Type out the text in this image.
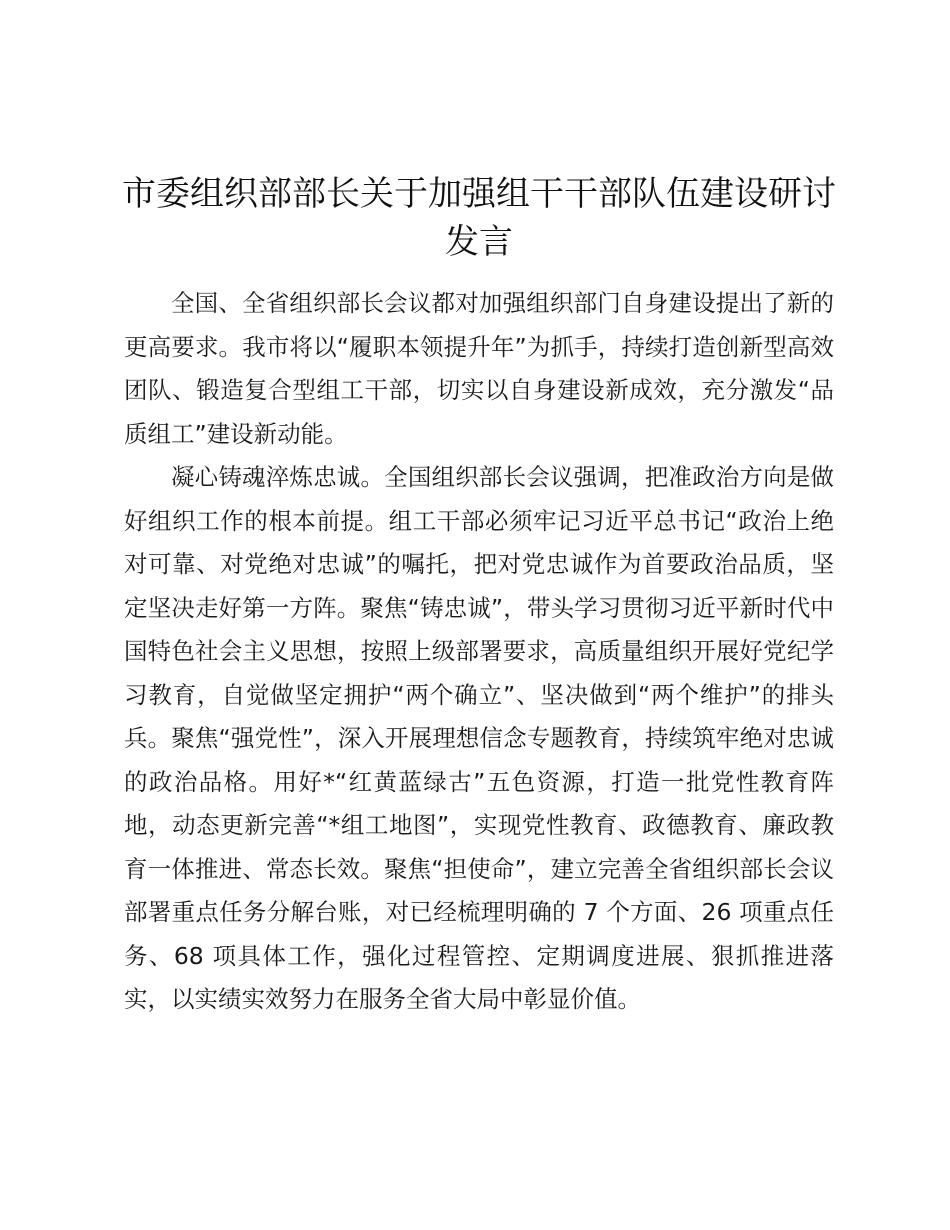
市委组织部部长关于加强组干干部队伍建设研讨发言

全国、全省组织部长会议都对加强组织部门自身建设提出了新的更高要求。我市将以“履职本领提升年”为抓手，持续打造创新型高效团队、锻造复合型组工干部，切实以自身建设新成效，充分激发“品质组工”建设新动能。

凝心铸魂淬炼忠诚。全国组织部长会议强调，把准政治方向是做好组织工作的根本前提。组工干部必须牢记习近平总书记“政治上绝对可靠、对党绝对忠诚”的嘱托，把对党忠诚作为首要政治品质，坚定坚决走好第一方阵。聚焦“铸忠诚”，带头学习贯彻习近平新时代中国特色社会主义思想，按照上级部署要求，高质量组织开展好党纪学习教育，自觉做坚定拥护“两个确立”、坚决做到“两个维护”的排头兵。聚焦“强党性”，深入开展理想信念专题教育，持续筑牢绝对忠诚的政治品格。用好*“红黄蓝绿古”五色资源，打造一批党性教育阵地，动态更新完善“*组工地图”，实现党性教育、政德教育、廉政教育一体推进、常态长效。聚焦“担使命”，建立完善全省组织部长会议部署重点任务分解台账，对已经梳理明确的 7 个方面、26 项重点任务、68 项具体工作，强化过程管控、定期调度进展、狠抓推进落实，以实绩实效努力在服务全省大局中彰显价值。
